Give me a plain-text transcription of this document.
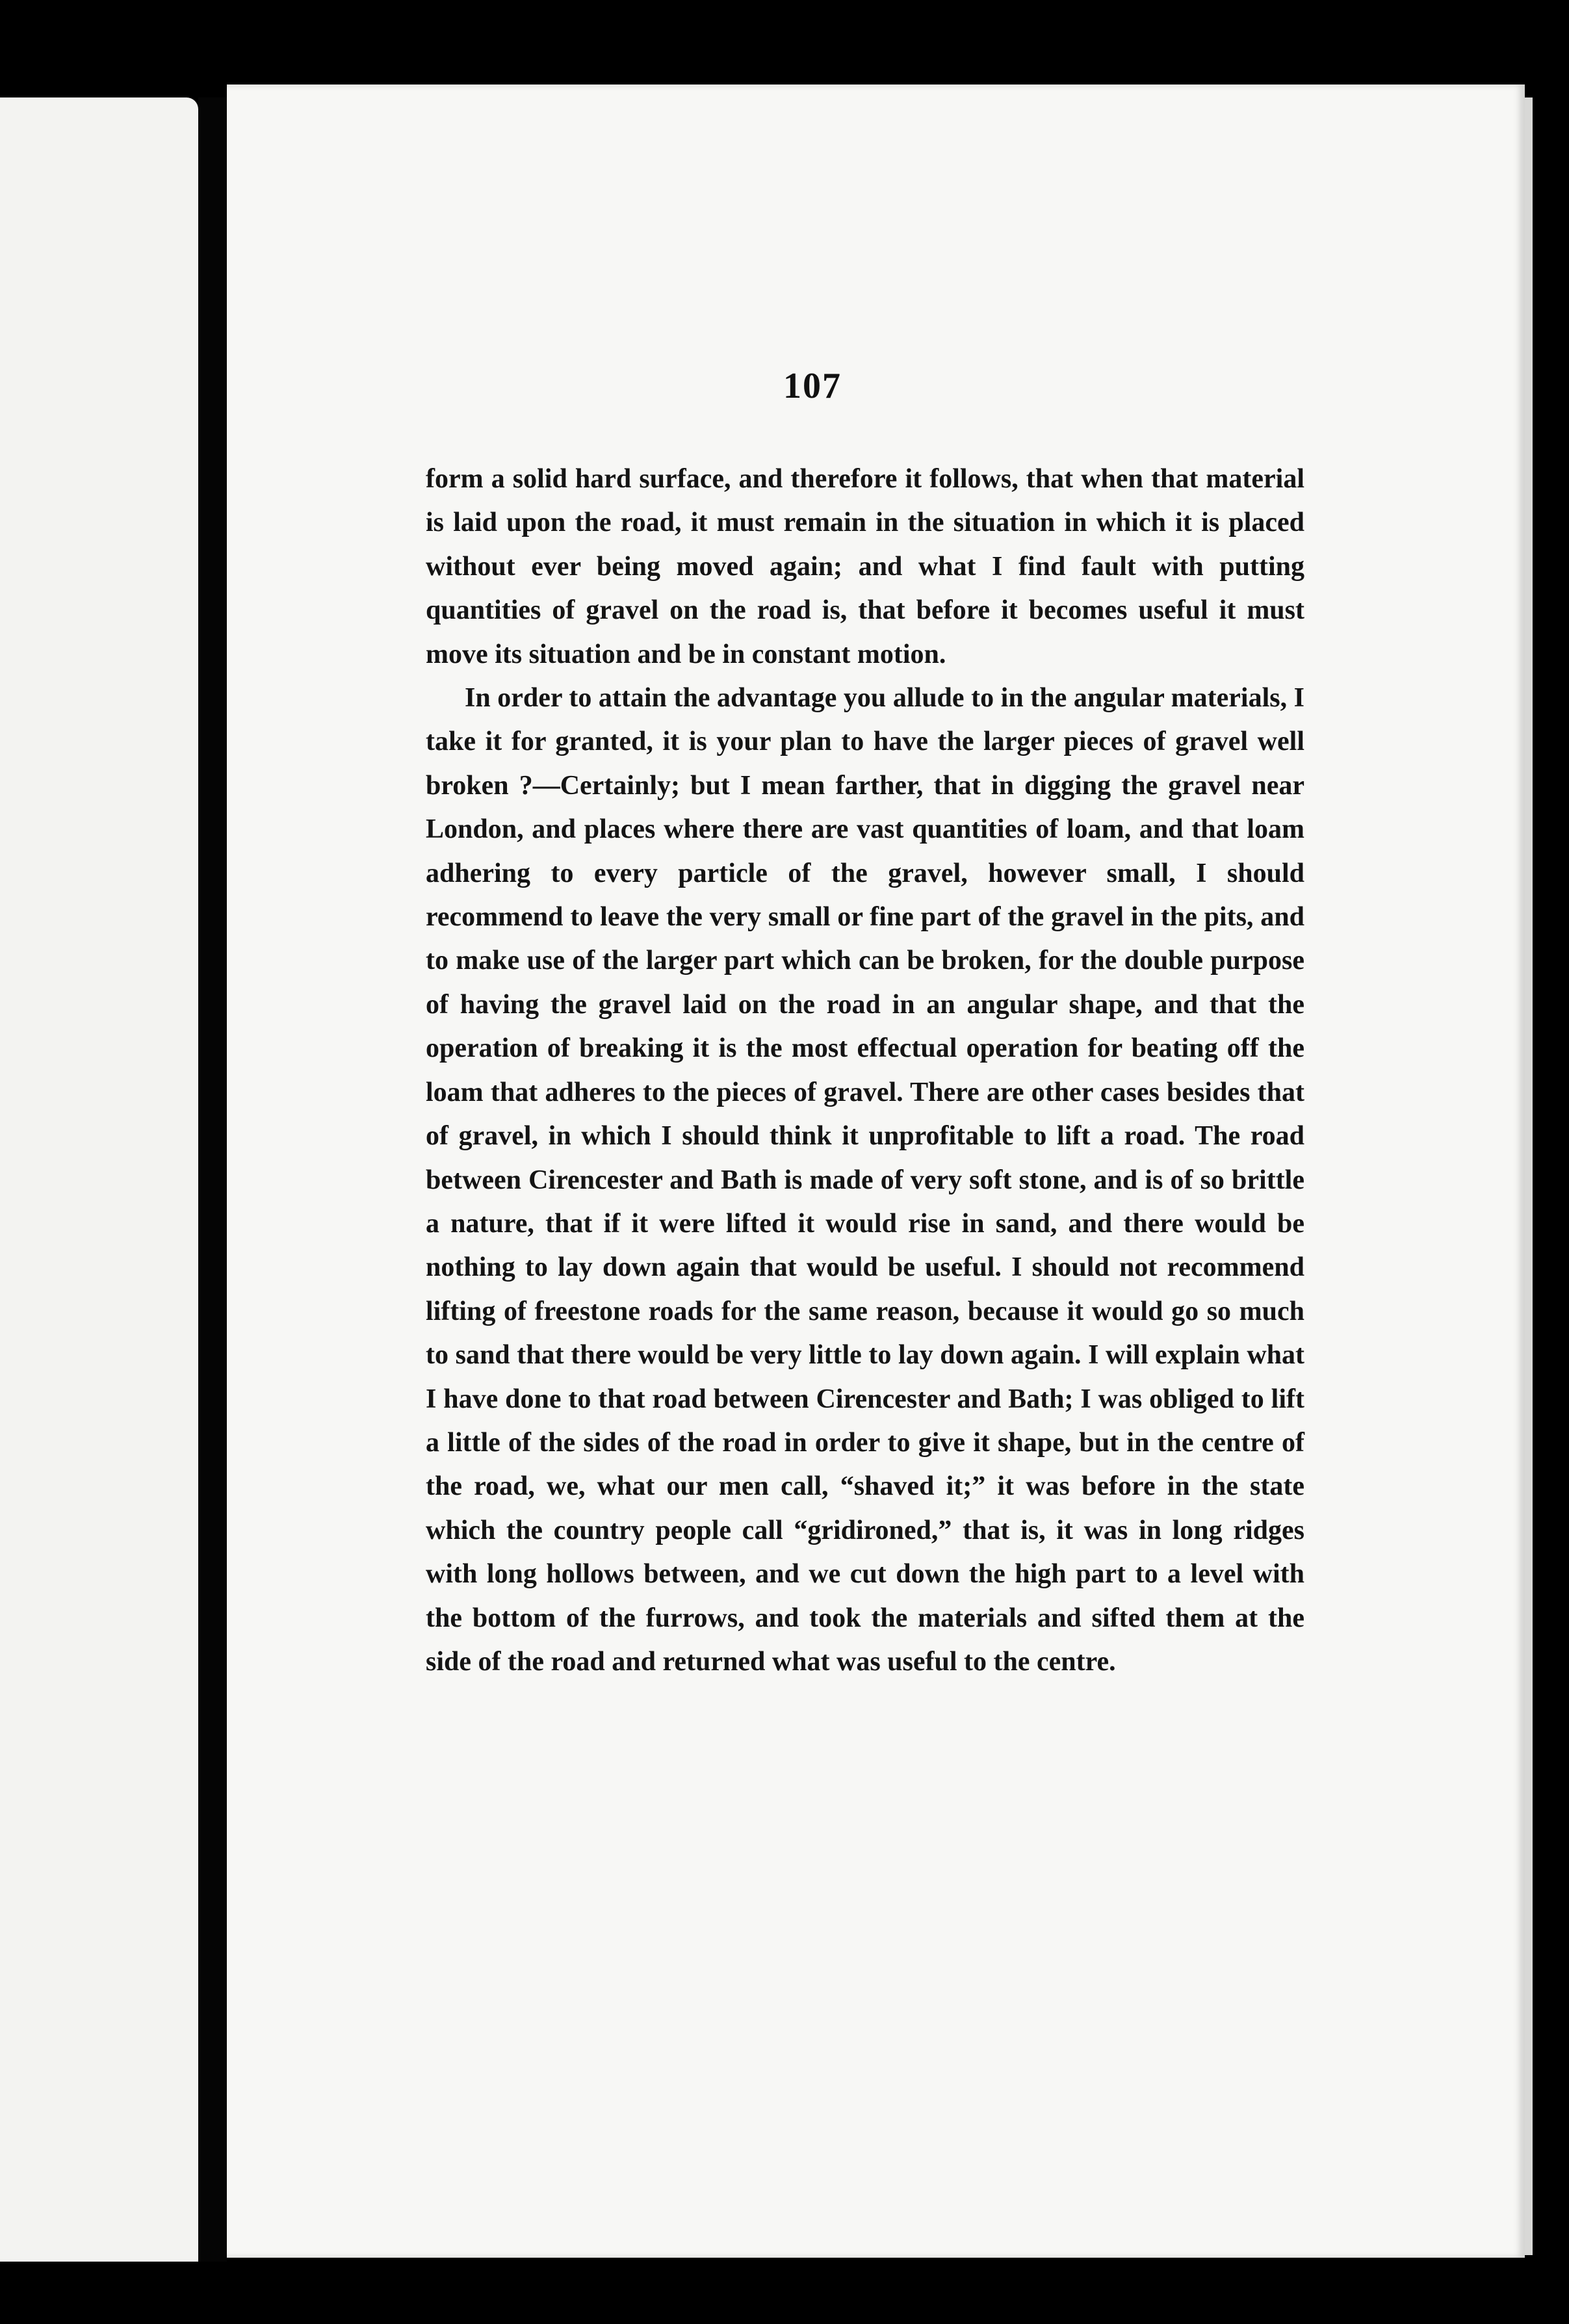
107

form a solid hard surface, and therefore it follows, that when that material is laid upon the road, it must remain in the situation in which it is placed without ever being moved again; and what I find fault with putting quantities of gravel on the road is, that before it becomes useful it must move its situation and be in constant motion.

In order to attain the advantage you allude to in the angular materials, I take it for granted, it is your plan to have the larger pieces of gravel well broken ?—Certainly; but I mean farther, that in digging the gravel near London, and places where there are vast quantities of loam, and that loam adhering to every particle of the gravel, however small, I should recommend to leave the very small or fine part of the gravel in the pits, and to make use of the larger part which can be broken, for the double purpose of having the gravel laid on the road in an angular shape, and that the operation of breaking it is the most effectual operation for beating off the loam that adheres to the pieces of gravel. There are other cases besides that of gravel, in which I should think it unprofitable to lift a road. The road between Cirencester and Bath is made of very soft stone, and is of so brittle a nature, that if it were lifted it would rise in sand, and there would be nothing to lay down again that would be useful. I should not recommend lifting of freestone roads for the same reason, because it would go so much to sand that there would be very little to lay down again. I will explain what I have done to that road between Cirencester and Bath; I was obliged to lift a little of the sides of the road in order to give it shape, but in the centre of the road, we, what our men call, “shaved it;” it was before in the state which the country people call “gridironed,” that is, it was in long ridges with long hollows between, and we cut down the high part to a level with the bottom of the furrows, and took the materials and sifted them at the side of the road and returned what was useful to the centre.
